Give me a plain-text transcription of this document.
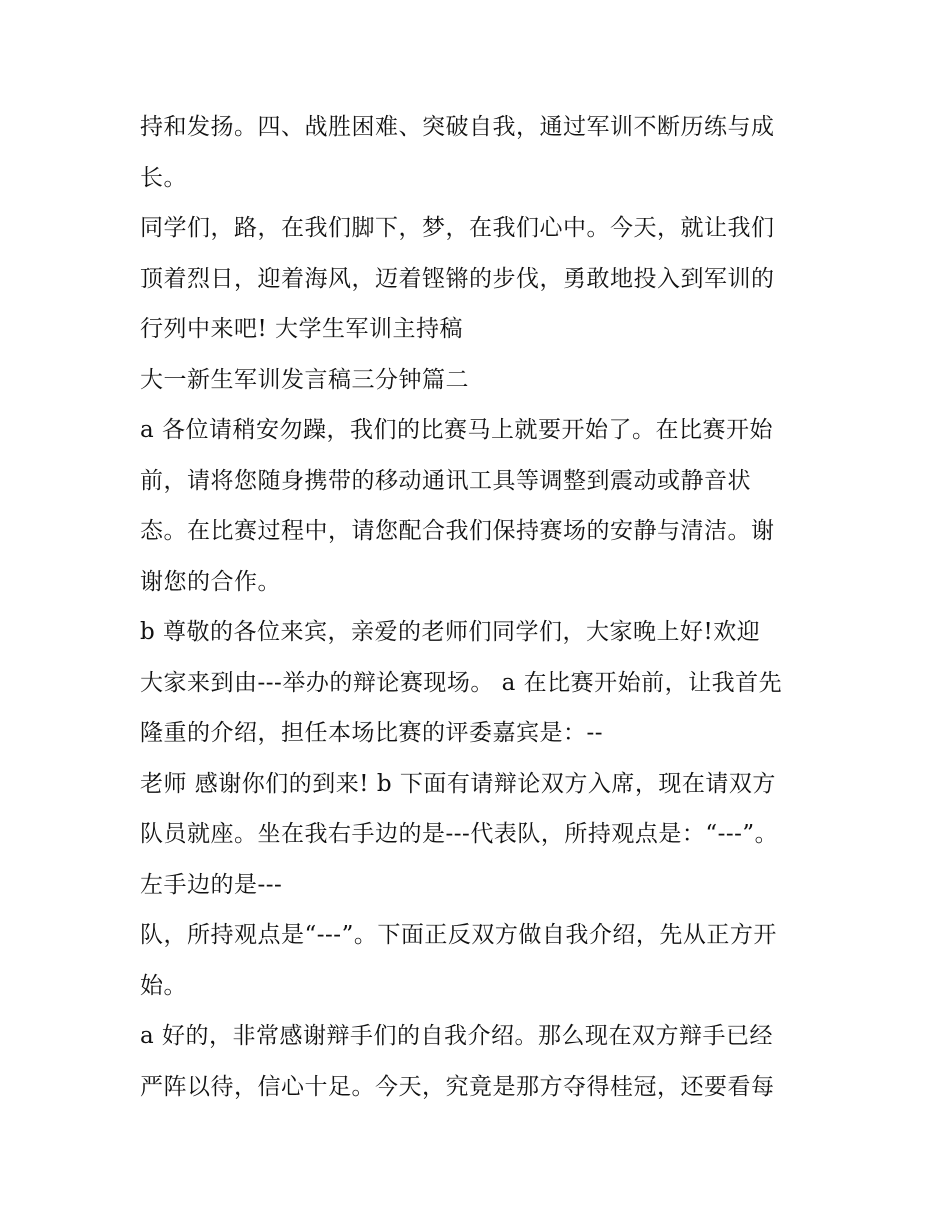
持和发扬。四、战胜困难、突破自我，通过军训不断历练与成
长。
同学们，路，在我们脚下，梦，在我们心中。今天，就让我们
顶着烈日，迎着海风，迈着铿锵的步伐，勇敢地投入到军训的
行列中来吧! 大学生军训主持稿
大一新生军训发言稿三分钟篇二
a 各位请稍安勿躁，我们的比赛马上就要开始了。在比赛开始
前，请将您随身携带的移动通讯工具等调整到震动或静音状
态。在比赛过程中，请您配合我们保持赛场的安静与清洁。谢
谢您的合作。
b 尊敬的各位来宾，亲爱的老师们同学们，大家晚上好!欢迎
大家来到由---举办的辩论赛现场。 a 在比赛开始前，让我首先
隆重的介绍，担任本场比赛的评委嘉宾是：--
老师 感谢你们的到来! b 下面有请辩论双方入席，现在请双方
队员就座。坐在我右手边的是---代表队，所持观点是：“---”。
左手边的是---
队，所持观点是“---”。下面正反双方做自我介绍，先从正方开
始。
a 好的，非常感谢辩手们的自我介绍。那么现在双方辩手已经
严阵以待，信心十足。今天，究竟是那方夺得桂冠，还要看每
